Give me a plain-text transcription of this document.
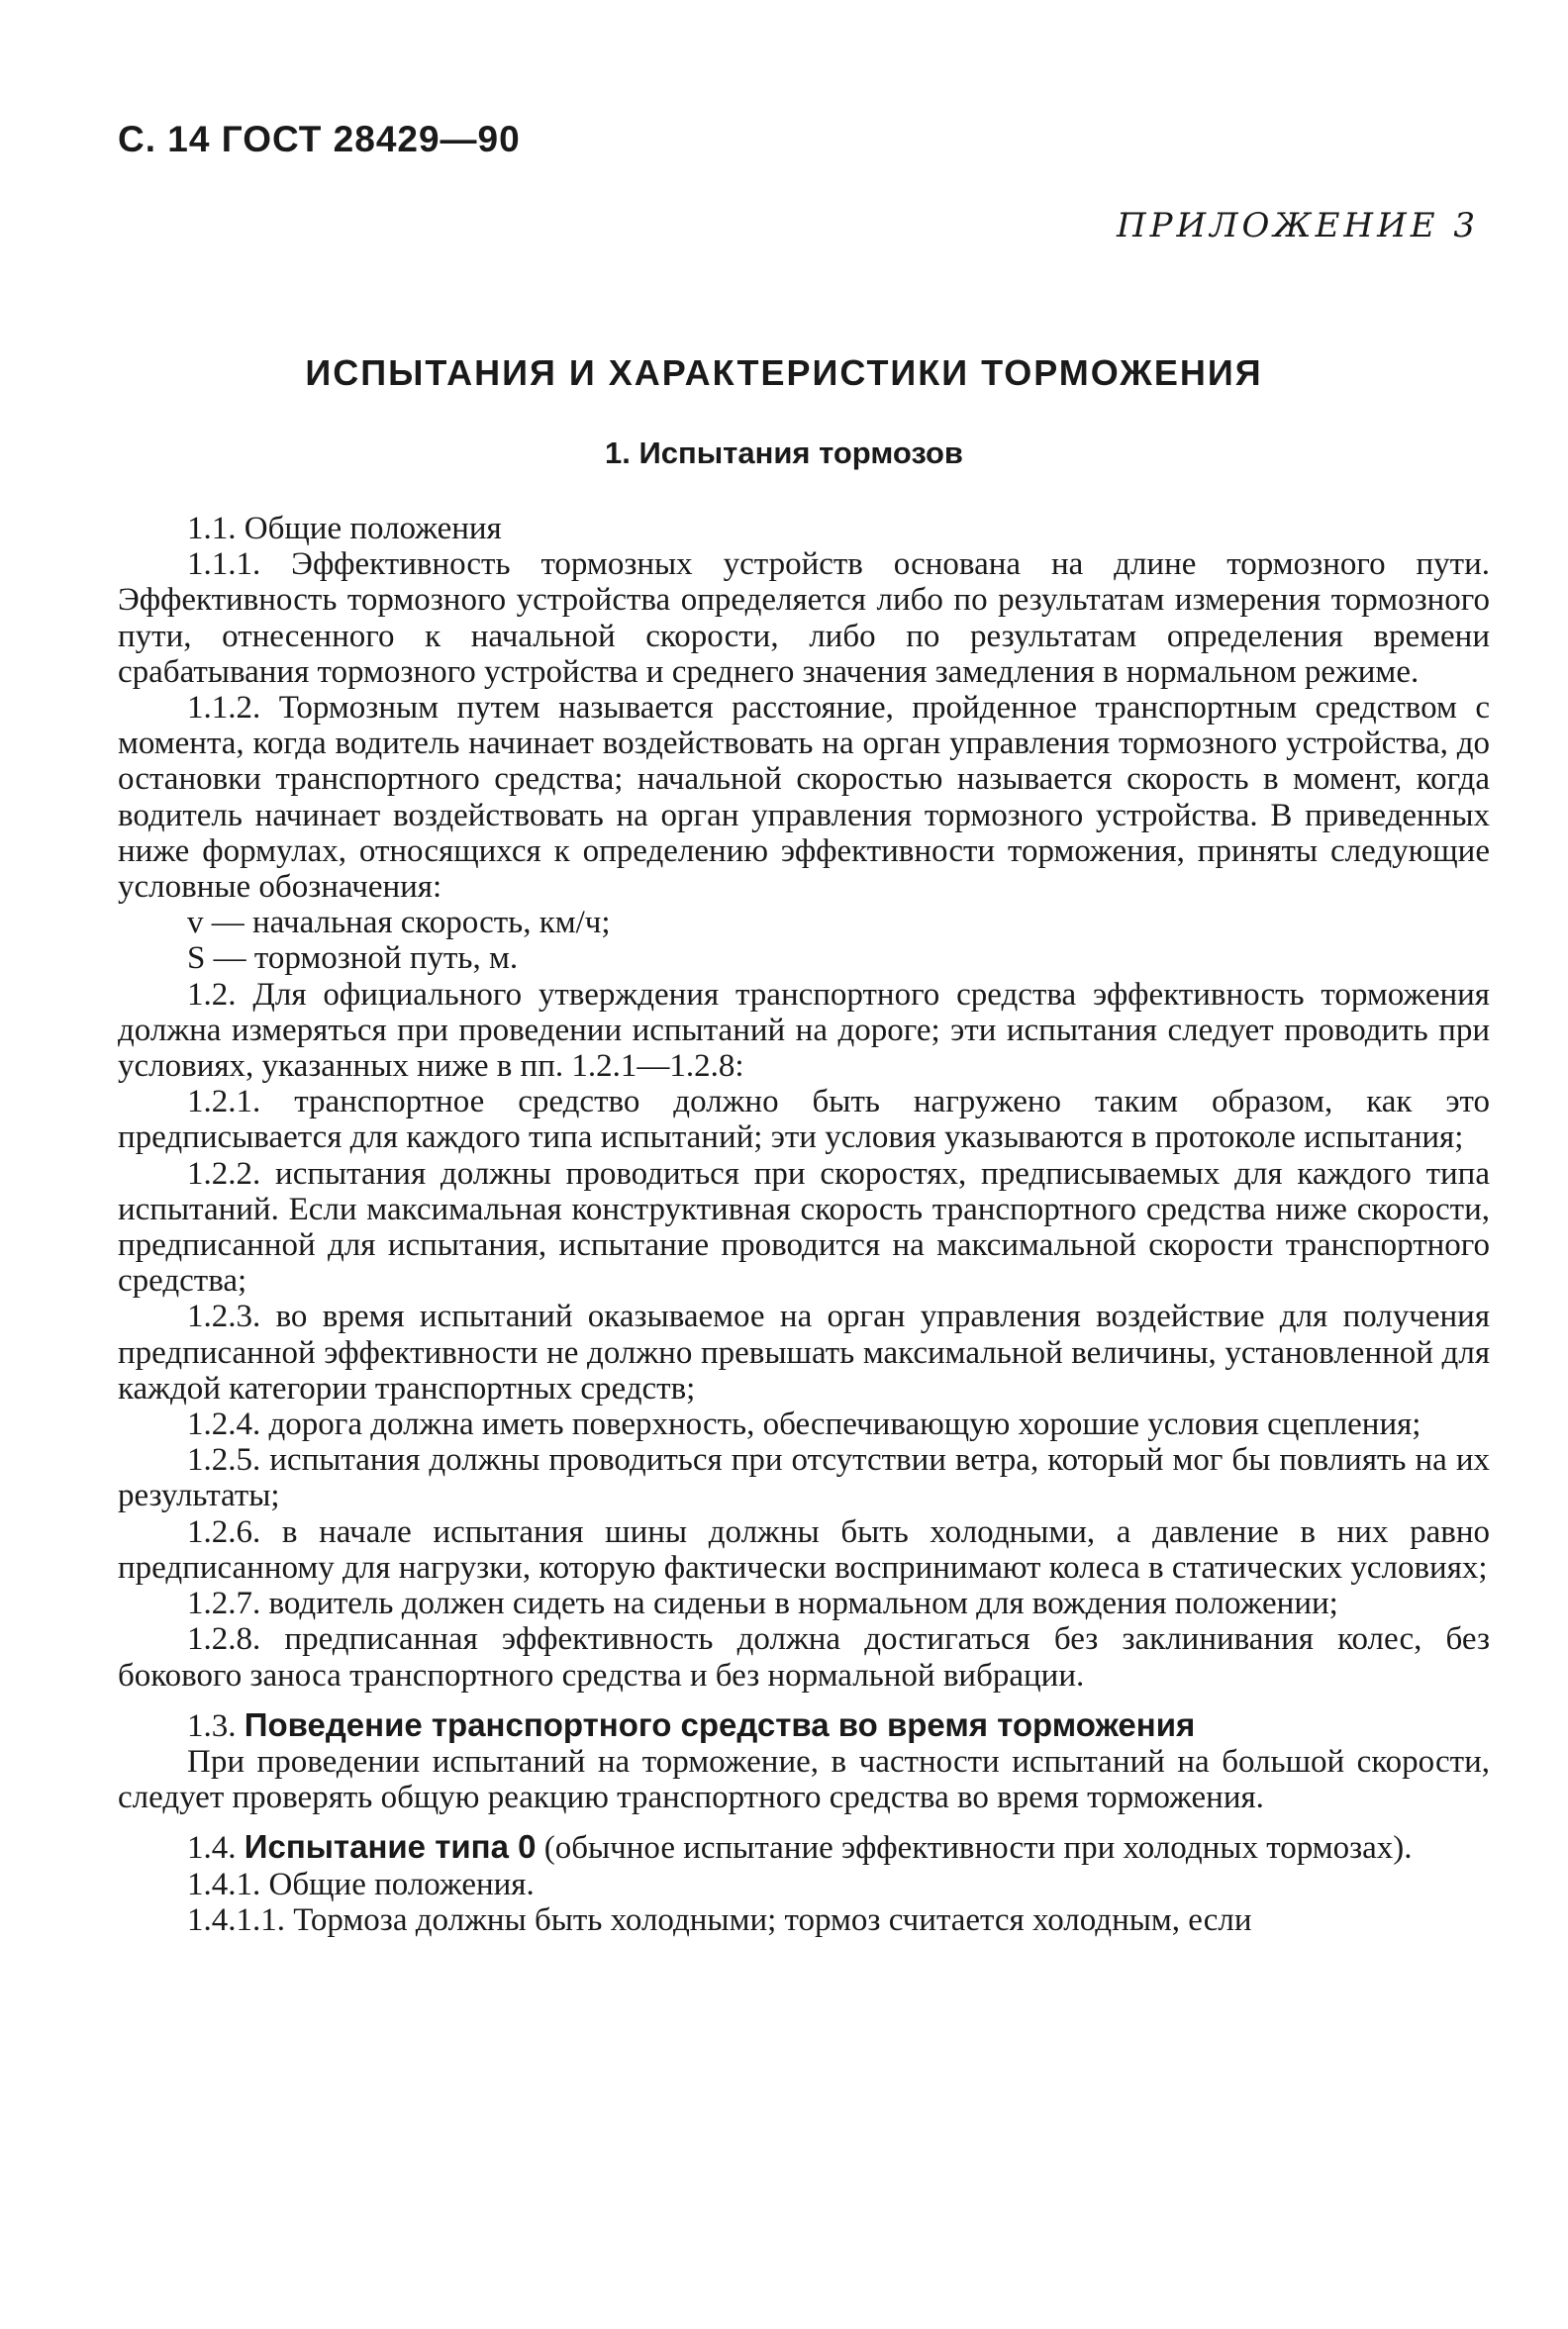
С. 14 ГОСТ 28429—90
ПРИЛОЖЕНИЕ 3
ИСПЫТАНИЯ И ХАРАКТЕРИСТИКИ ТОРМОЖЕНИЯ
1. Испытания тормозов

1.1. Общие положения

1.1.1. Эффективность тормозных устройств основана на длине тормозного пути. Эффективность тормозного устройства определяется либо по результатам измерения тормозного пути, отнесенного к начальной скорости, либо по результатам определения времени срабатывания тормозного устройства и среднего значения замедления в нормальном режиме.

1.1.2. Тормозным путем называется расстояние, пройденное транспортным средством с момента, когда водитель начинает воздействовать на орган управления тормозного устройства, до остановки транспортного средства; начальной скоростью называется скорость в момент, когда водитель начинает воздействовать на орган управления тормозного устройства. В приведенных ниже формулах, относящихся к определению эффективности торможения, приняты следующие условные обозначения:

v — начальная скорость, км/ч;

S — тормозной путь, м.

1.2. Для официального утверждения транспортного средства эффективность торможения должна измеряться при проведении испытаний на дороге; эти испытания следует проводить при условиях, указанных ниже в пп. 1.2.1—1.2.8:

1.2.1. транспортное средство должно быть нагружено таким образом, как это предписывается для каждого типа испытаний; эти условия указываются в протоколе испытания;

1.2.2. испытания должны проводиться при скоростях, предписываемых для каждого типа испытаний. Если максимальная конструктивная скорость транспортного средства ниже скорости, предписанной для испытания, испытание проводится на максимальной скорости транспортного средства;

1.2.3. во время испытаний оказываемое на орган управления воздействие для получения предписанной эффективности не должно превышать максимальной величины, установленной для каждой категории транспортных средств;

1.2.4. дорога должна иметь поверхность, обеспечивающую хорошие условия сцепления;

1.2.5. испытания должны проводиться при отсутствии ветра, который мог бы повлиять на их результаты;

1.2.6. в начале испытания шины должны быть холодными, а давление в них равно предписанному для нагрузки, которую фактически воспринимают колеса в статических условиях;

1.2.7. водитель должен сидеть на сиденьи в нормальном для вождения положении;

1.2.8. предписанная эффективность должна достигаться без заклинивания колес, без бокового заноса транспортного средства и без нормальной вибрации.

1.3. Поведение транспортного средства во время торможения

При проведении испытаний на торможение, в частности испытаний на большой скорости, следует проверять общую реакцию транспортного средства во время торможения.

1.4. Испытание типа 0 (обычное испытание эффективности при холодных тормозах).

1.4.1. Общие положения.

1.4.1.1. Тормоза должны быть холодными; тормоз считается холодным, если
